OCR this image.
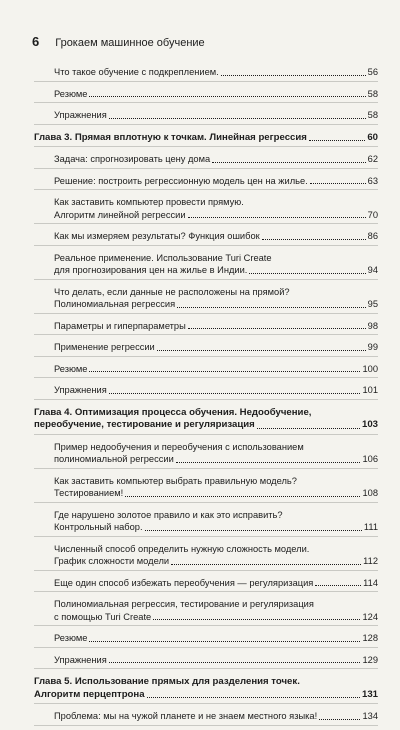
6 Грокаем машинное обучение
Что такое обучение с подкреплением.	56
Резюме	58
Упражнения	58
Глава 3. Прямая вплотную к точкам. Линейная регрессия	60
Задача: спрогнозировать цену дома	62
Решение: построить регрессионную модель цен на жилье.	63
Как заставить компьютер провести прямую.
Алгоритм линейной регрессии	70
Как мы измеряем результаты? Функция ошибок	86
Реальное применение. Использование Turi Create
для прогнозирования цен на жилье в Индии.	94
Что делать, если данные не расположены на прямой?
Полиномиальная регрессия	95
Параметры и гиперпараметры	98
Применение регрессии	99
Резюме	100
Упражнения	101
Глава 4. Оптимизация процесса обучения. Недообучение,
переобучение, тестирование и регуляризация	103
Пример недообучения и переобучения с использованием
полиномиальной регрессии	106
Как заставить компьютер выбрать правильную модель?
Тестированием!	108
Где нарушено золотое правило и как это исправить?
Контрольный набор.	111
Численный способ определить нужную сложность модели.
График сложности модели	112
Еще один способ избежать переобучения — регуляризация	114
Полиномиальная регрессия, тестирование и регуляризация
с помощью Turi Create	124
Резюме	128
Упражнения	129
Глава 5. Использование прямых для разделения точек.
Алгоритм перцептрона	131
Проблема: мы на чужой планете и не знаем местного языка!	134
